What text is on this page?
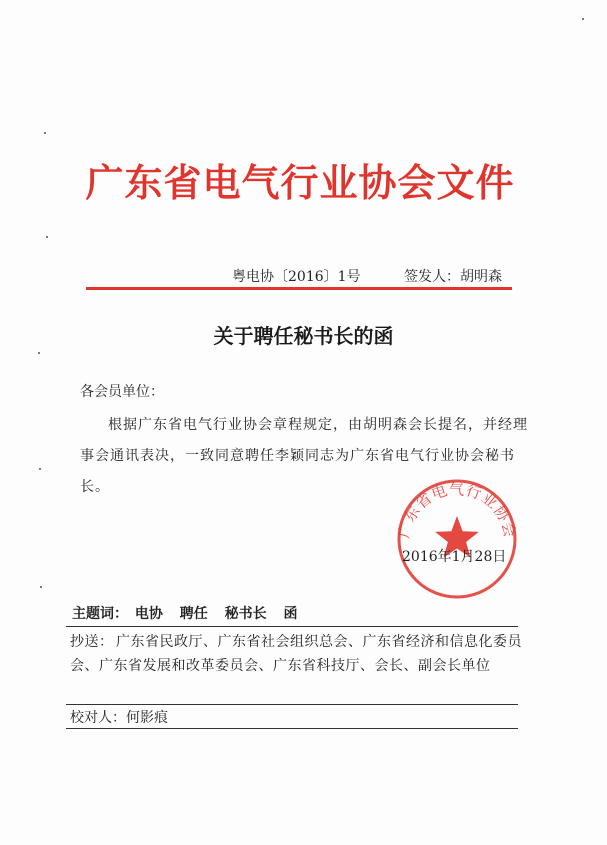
广东省电气行业协会文件
粤电协〔2016〕1号	签发人：胡明森
关于聘任秘书长的函
各会员单位：
根据广东省电气行业协会章程规定，由胡明森会长提名，并经理事会通讯表决，一致同意聘任李颖同志为广东省电气行业协会秘书长。
广东省电气行业协会
2016年1月28日
主题词： 电协 聘任 秘书长 函
抄送： 广东省民政厅、广东省社会组织总会、广东省经济和信息化委员会、广东省发展和改革委员会、广东省科技厅、会长、副会长单位
校对人：何影痕
